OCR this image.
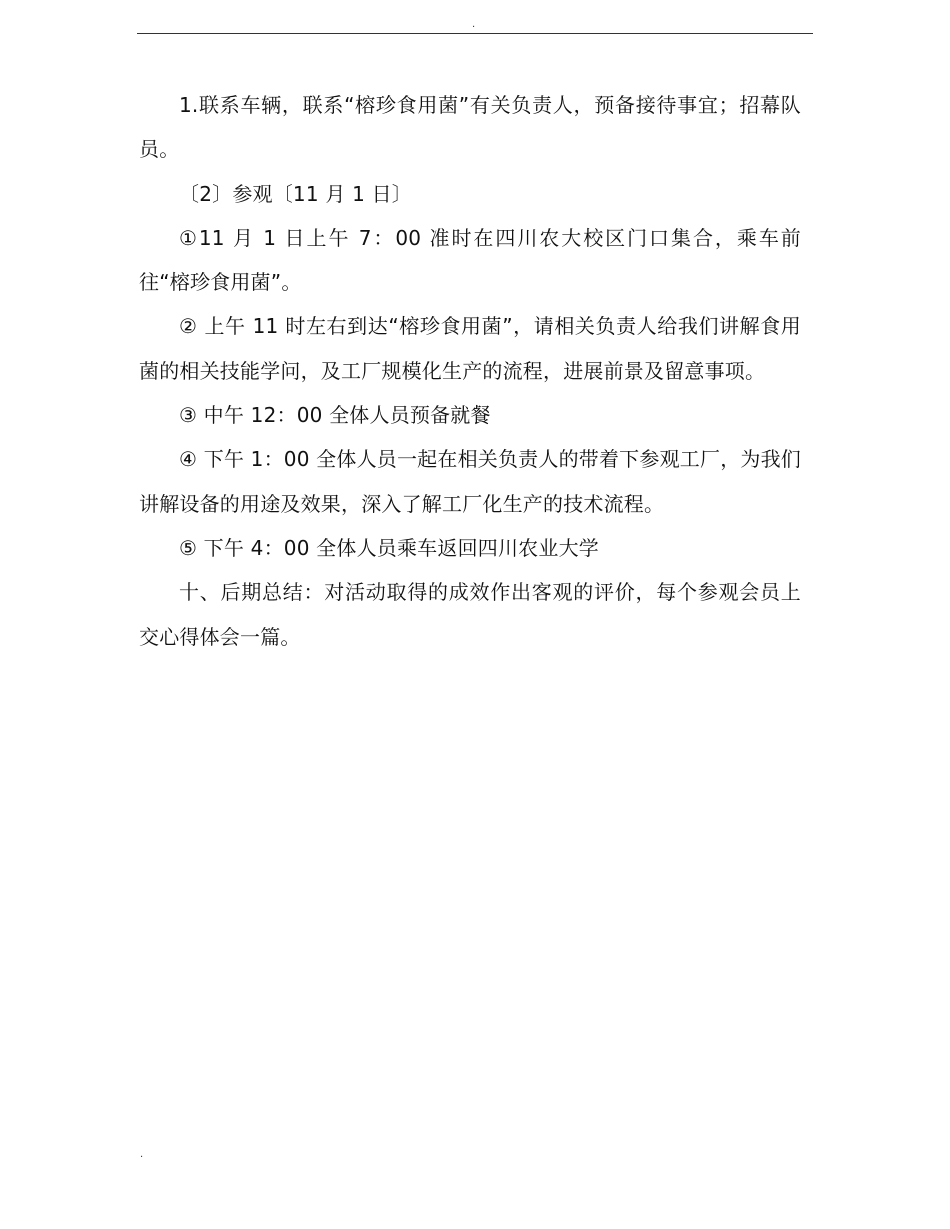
.

1.联系车辆，联系“榕珍食用菌”有关负责人，预备接待事宜；招幕队员。

〔2〕参观〔11 月 1 日〕

①11 月 1 日上午 7：00 准时在四川农大校区门口集合，乘车前往“榕珍食用菌”。

② 上午 11 时左右到达“榕珍食用菌”，请相关负责人给我们讲解食用菌的相关技能学问，及工厂规模化生产的流程，进展前景及留意事项。

③ 中午 12：00 全体人员预备就餐

④ 下午 1：00 全体人员一起在相关负责人的带着下参观工厂，为我们讲解设备的用途及效果，深入了解工厂化生产的技术流程。

⑤ 下午 4：00 全体人员乘车返回四川农业大学

十、后期总结：对活动取得的成效作出客观的评价，每个参观会员上交心得体会一篇。

.
